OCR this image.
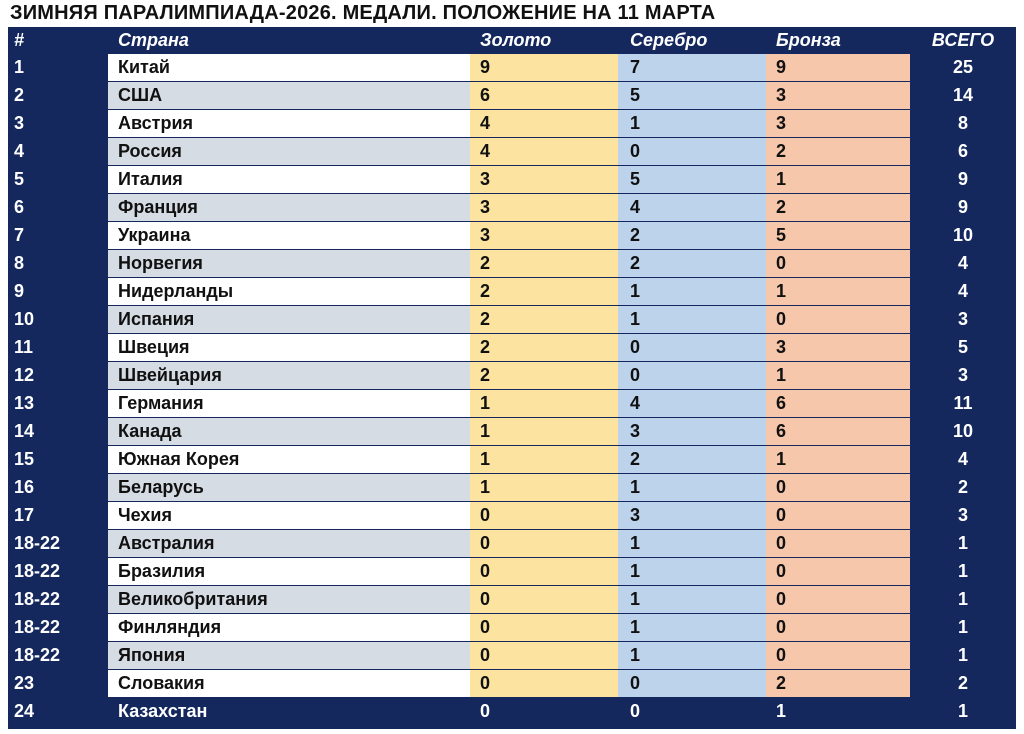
ЗИМНЯЯ ПАРАЛИМПИАДА-2026. МЕДАЛИ. ПОЛОЖЕНИЕ НА 11 МАРТА
#	Страна	Золото	Серебро	Бронза	ВСЕГО
1	Китай	9	7	9	25
2	США	6	5	3	14
3	Австрия	4	1	3	8
4	Россия	4	0	2	6
5	Италия	3	5	1	9
6	Франция	3	4	2	9
7	Украина	3	2	5	10
8	Норвегия	2	2	0	4
9	Нидерланды	2	1	1	4
10	Испания	2	1	0	3
11	Швеция	2	0	3	5
12	Швейцария	2	0	1	3
13	Германия	1	4	6	11
14	Канада	1	3	6	10
15	Южная Корея	1	2	1	4
16	Беларусь	1	1	0	2
17	Чехия	0	3	0	3
18-22	Австралия	0	1	0	1
18-22	Бразилия	0	1	0	1
18-22	Великобритания	0	1	0	1
18-22	Финляндия	0	1	0	1
18-22	Япония	0	1	0	1
23	Словакия	0	0	2	2
24	Казахстан	0	0	1	1
